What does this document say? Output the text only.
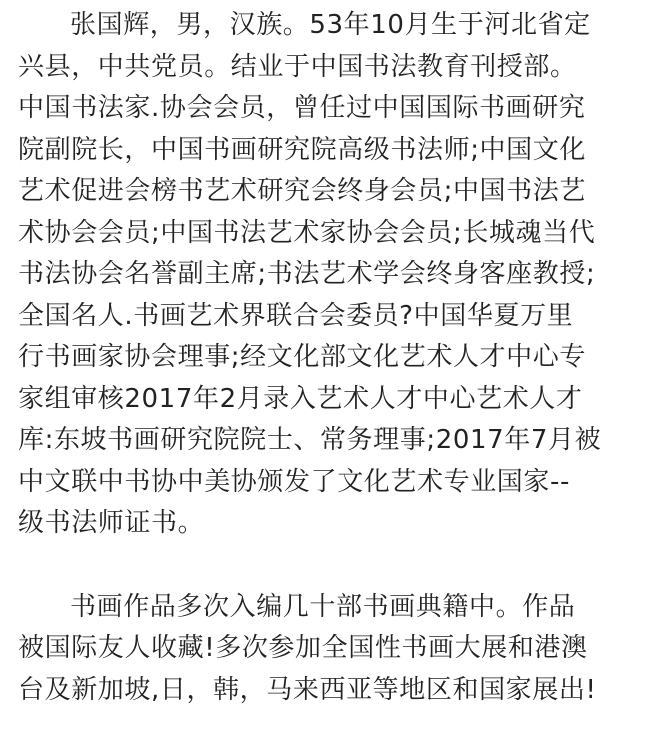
张国辉，男，汉族。53年10月生于河北省定
兴县，中共党员。结业于中国书法教育刊授部。
中国书法家.协会会员，曾任过中国国际书画研究
院副院长，中国书画研究院高级书法师;中国文化
艺术促进会榜书艺术研究会终身会员;中国书法艺
术协会会员;中国书法艺术家协会会员;长城魂当代
书法协会名誉副主席;书法艺术学会终身客座教授;
全国名人.书画艺术界联合会委员?中国华夏万里
行书画家协会理事;经文化部文化艺术人才中心专
家组审核2017年2月录入艺术人才中心艺术人才
库:东坡书画研究院院士、常务理事;2017年7月被
中文联中书协中美协颁发了文化艺术专业国家--
级书法师证书。
书画作品多次入编几十部书画典籍中。作品
被国际友人收藏!多次参加全国性书画大展和港澳
台及新加坡,日，韩，马来西亚等地区和国家展出!
